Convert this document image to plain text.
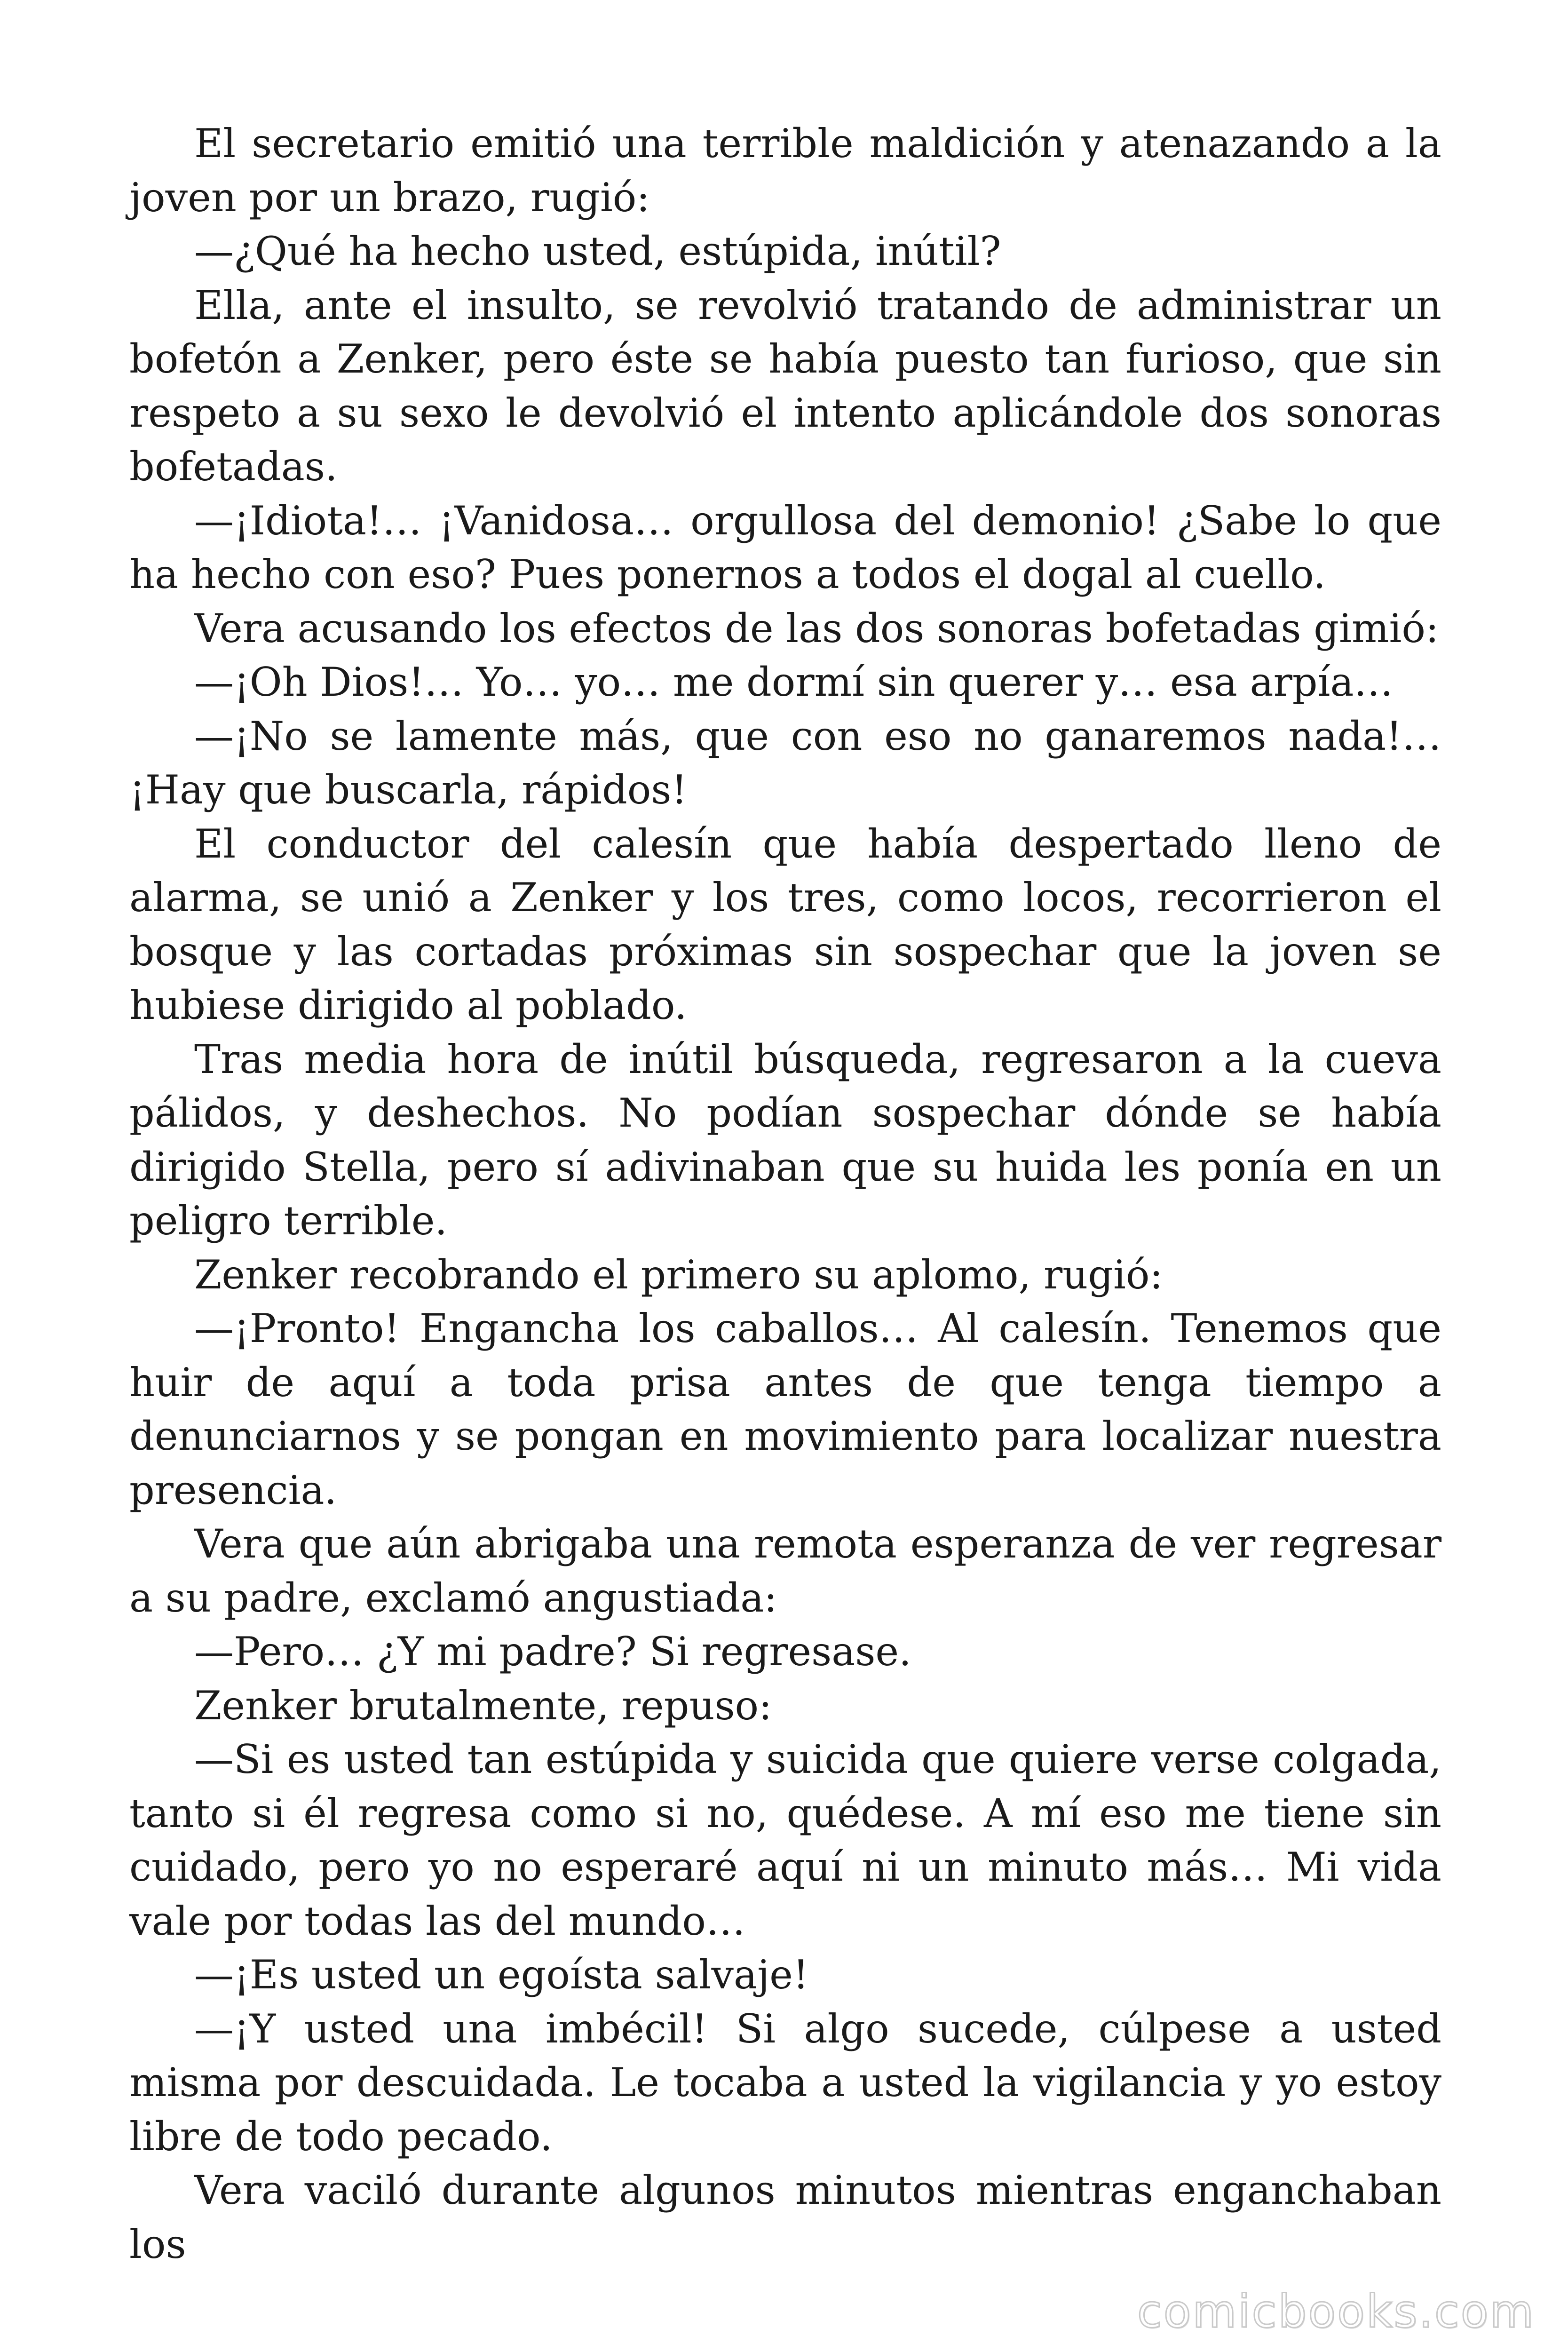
El secretario emitió una terrible maldición y atenazando a la joven por un brazo, rugió:

—¿Qué ha hecho usted, estúpida, inútil?

Ella, ante el insulto, se revolvió tratando de administrar un bofetón a Zenker, pero éste se había puesto tan furioso, que sin respeto a su sexo le devolvió el intento aplicándole dos sonoras bofetadas.

—¡Idiota!… ¡Vanidosa… orgullosa del demonio! ¿Sabe lo que ha hecho con eso? Pues ponernos a todos el dogal al cuello.

Vera acusando los efectos de las dos sonoras bofetadas gimió:

—¡Oh Dios!… Yo… yo… me dormí sin querer y… esa arpía…

—¡No se lamente más, que con eso no ganaremos nada!… ¡Hay que buscarla, rápidos!

El conductor del calesín que había despertado lleno de alarma, se unió a Zenker y los tres, como locos, recorrieron el bosque y las cortadas próximas sin sospechar que la joven se hubiese dirigido al poblado.

Tras media hora de inútil búsqueda, regresaron a la cueva pálidos, y deshechos. No podían sospechar dónde se había dirigido Stella, pero sí adivinaban que su huida les ponía en un peligro terrible.

Zenker recobrando el primero su aplomo, rugió:

—¡Pronto! Engancha los caballos… Al calesín. Tenemos que huir de aquí a toda prisa antes de que tenga tiempo a denunciarnos y se pongan en movimiento para localizar nuestra presencia.

Vera que aún abrigaba una remota esperanza de ver regresar a su padre, exclamó angustiada:

—Pero… ¿Y mi padre? Si regresase.

Zenker brutalmente, repuso:

—Si es usted tan estúpida y suicida que quiere verse colgada, tanto si él regresa como si no, quédese. A mí eso me tiene sin cuidado, pero yo no esperaré aquí ni un minuto más… Mi vida vale por todas las del mundo…

—¡Es usted un egoísta salvaje!

—¡Y usted una imbécil! Si algo sucede, cúlpese a usted misma por descuidada. Le tocaba a usted la vigilancia y yo estoy libre de todo pecado.

Vera vaciló durante algunos minutos mientras enganchaban los

comicbooks.com
